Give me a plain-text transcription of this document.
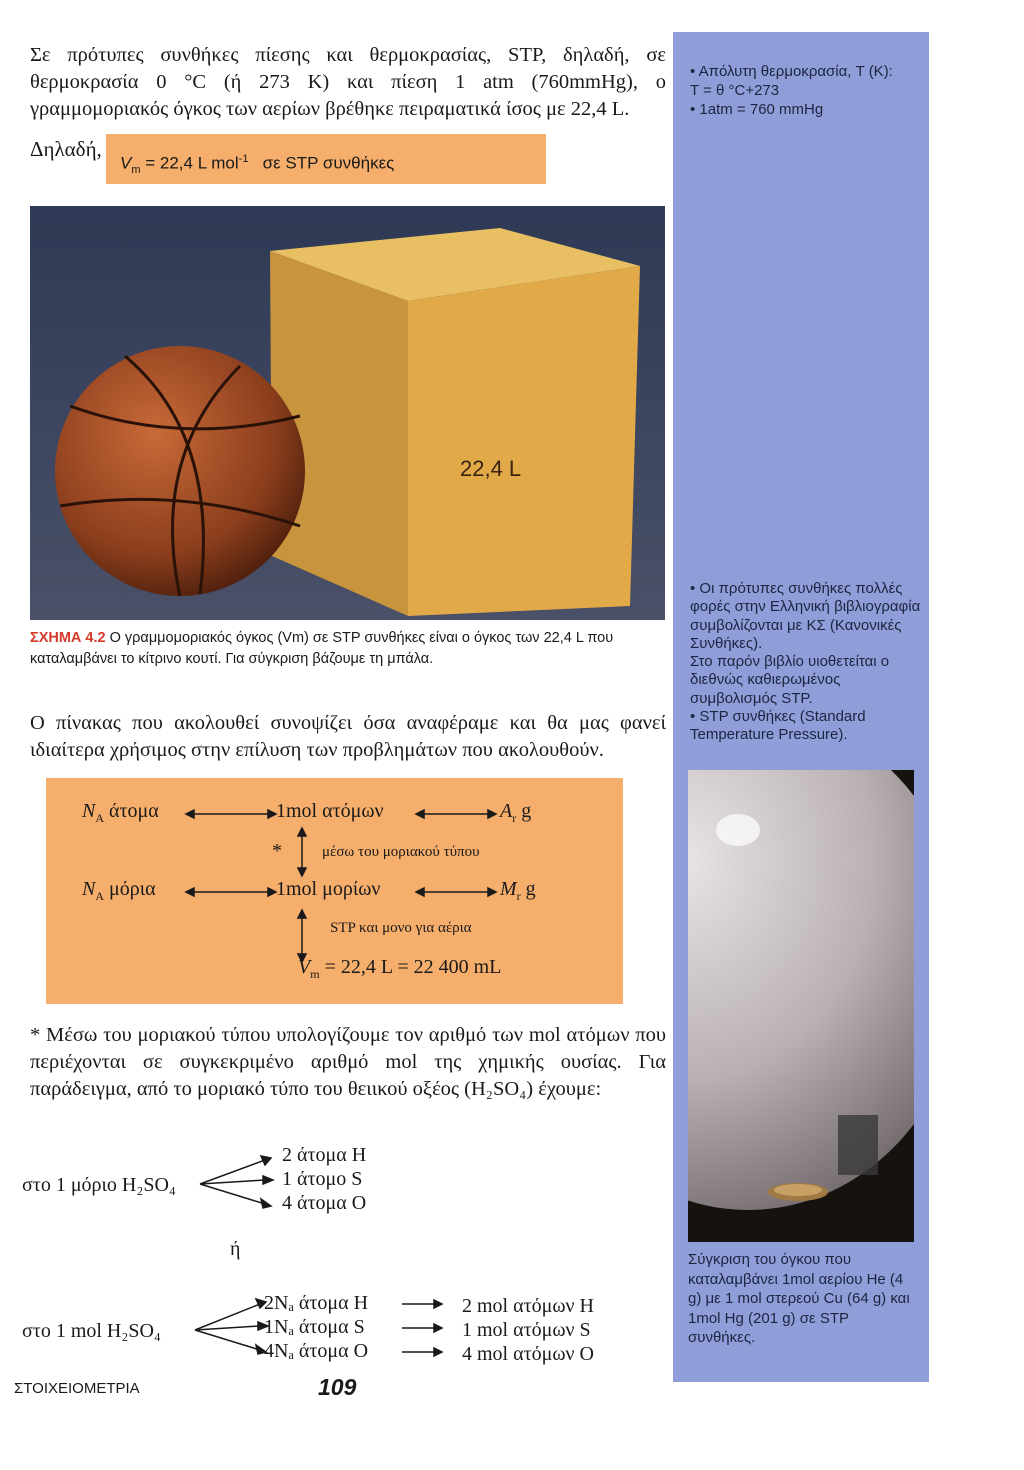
• Απόλυτη θερμοκρασία, T (K):

T = θ °C+273

• 1atm = 760 mmHg

• Οι πρότυπες συνθήκες πολλές φορές στην Ελληνική βιβλιογραφία συμβολίζονται με ΚΣ (Κανονικές Συνθήκες).

Στο παρόν βιβλίο υιοθετείται ο διεθνώς καθιερωμένος συμβολισμός STP.

• STP συνθήκες (Standard Temperature Pressure).

Σύγκριση του όγκου που καταλαμβάνει 1mol αερίου He (4 g) με 1 mol στερεού Cu (64 g) και 1mol Hg (201 g) σε STP συνθήκες.
Σε πρότυπες συνθήκες πίεσης και θερμοκρασίας, STP, δηλαδή, σε θερμοκρασία 0 °C (ή 273 K) και πίεση 1 atm (760mmHg), ο γραμμομοριακός όγκος των αερίων βρέθηκε πειραματικά ίσος με 22,4 L.
Δηλαδή,
$V_m = 22,4$ L mol$^{-1}$ σε STP συνθήκες
22,4 L
ΣΧΗΜΑ 4.2 Ο γραμμομοριακός όγκος (Vm) σε STP συνθήκες είναι ο όγκος των 22,4 L που καταλαμβάνει το κίτρινο κουτί. Για σύγκριση βάζουμε τη μπάλα.
Ο πίνακας που ακολουθεί συνοψίζει όσα αναφέραμε και θα μας φανεί ιδιαίτερα χρήσιμος στην επίλυση των προβλημάτων που ακολουθούν.
$N_A$ άτομα	1mol ατόμων	$A_r$ g
*	μέσω του μοριακού τύπου
$N_A$ μόρια	1mol μορίων	$M_r$ g
STP και μονο για αέρια
$V_m = 22,4$ L = 22 400 mL
* Μέσω του μοριακού τύπου υπολογίζουμε τον αριθμό των mol ατόμων που περιέχονται σε συγκεκριμένο αριθμό mol της χημικής ουσίας. Για παράδειγμα, από το μοριακό τύπο του θειικού οξέος (H₂SO₄) έχουμε:
στο 1 μόριο H₂SO₄
2 άτομα H
1 άτομο S
4 άτομα O
ή
στο 1 mol H₂SO₄
2Nₐ άτομα H
1Nₐ άτομα S
4Nₐ άτομα O
2 mol ατόμων H
1 mol ατόμων S
4 mol ατόμων O
ΣΤΟΙΧΕΙΟΜΕΤΡΙΑ	109
